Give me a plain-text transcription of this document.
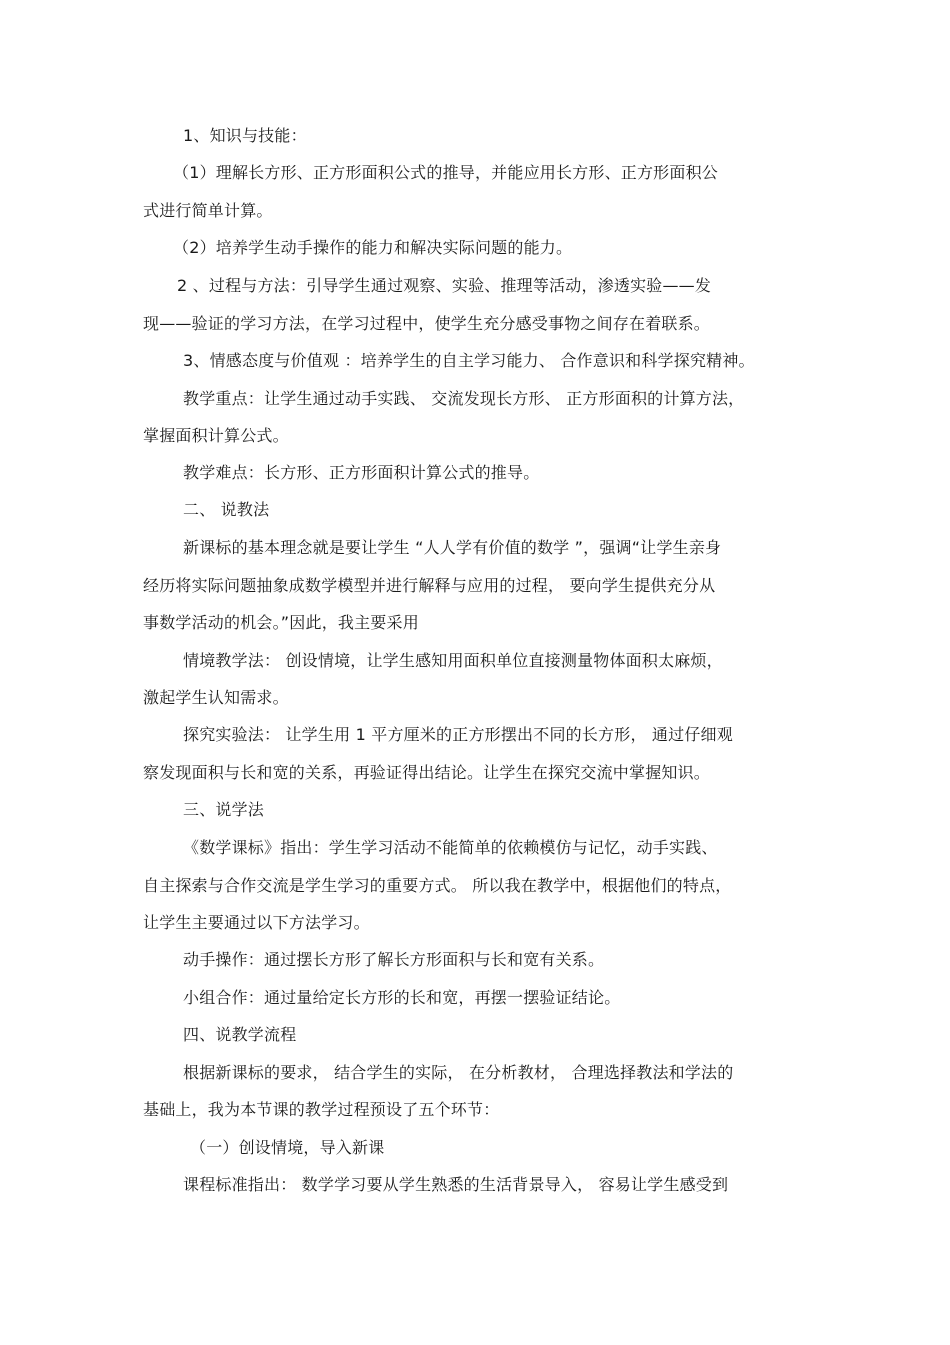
1、知识与技能：
（1）理解长方形、正方形面积公式的推导，并能应用长方形、正方形面积公
式进行简单计算。
（2）培养学生动手操作的能力和解决实际问题的能力。
2 、过程与方法：引导学生通过观察、实验、推理等活动，渗透实验——发
现——验证的学习方法，在学习过程中，使学生充分感受事物之间存在着联系。
3、情感态度与价值观 ：培养学生的自主学习能力、 合作意识和科学探究精神。
教学重点：让学生通过动手实践、 交流发现长方形、 正方形面积的计算方法，
掌握面积计算公式。
教学难点：长方形、正方形面积计算公式的推导。
二、 说教法
新课标的基本理念就是要让学生 “人人学有价值的数学 ”，强调“让学生亲身
经历将实际问题抽象成数学模型并进行解释与应用的过程， 要向学生提供充分从
事数学活动的机会。”因此，我主要采用
情境教学法： 创设情境，让学生感知用面积单位直接测量物体面积太麻烦，
激起学生认知需求。
探究实验法： 让学生用 1 平方厘米的正方形摆出不同的长方形， 通过仔细观
察发现面积与长和宽的关系，再验证得出结论。让学生在探究交流中掌握知识。
三、说学法
《数学课标》指出：学生学习活动不能简单的依赖模仿与记忆，动手实践、
自主探索与合作交流是学生学习的重要方式。 所以我在教学中，根据他们的特点，
让学生主要通过以下方法学习。
动手操作：通过摆长方形了解长方形面积与长和宽有关系。
小组合作：通过量给定长方形的长和宽，再摆一摆验证结论。
四、说教学流程
根据新课标的要求， 结合学生的实际， 在分析教材， 合理选择教法和学法的
基础上，我为本节课的教学过程预设了五个环节：
（一）创设情境，导入新课
课程标准指出： 数学学习要从学生熟悉的生活背景导入， 容易让学生感受到
